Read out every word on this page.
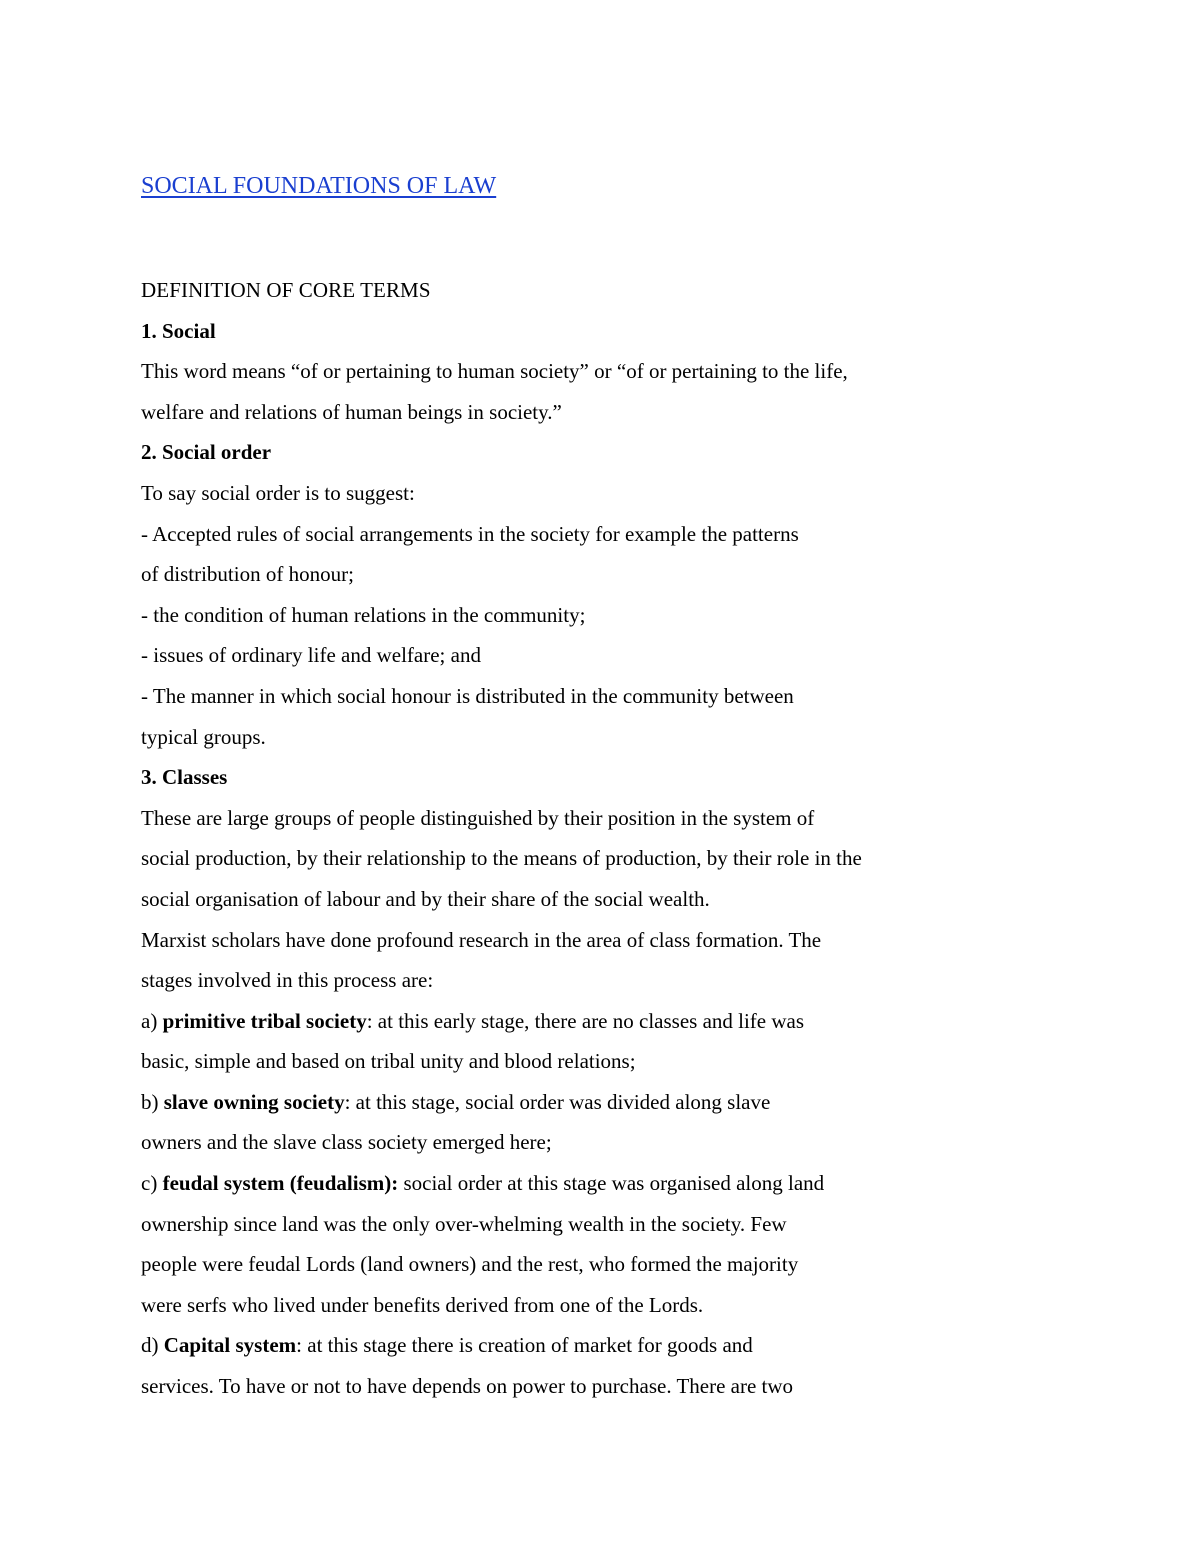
SOCIAL FOUNDATIONS OF LAW
DEFINITION OF CORE TERMS
1. Social
This word means “of or pertaining to human society” or “of or pertaining to the life,
welfare and relations of human beings in society.”
2. Social order
To say social order is to suggest:
- Accepted rules of social arrangements in the society for example the patterns
of distribution of honour;
- the condition of human relations in the community;
- issues of ordinary life and welfare; and
- The manner in which social honour is distributed in the community between
typical groups.
3. Classes
These are large groups of people distinguished by their position in the system of
social production, by their relationship to the means of production, by their role in the
social organisation of labour and by their share of the social wealth.
Marxist scholars have done profound research in the area of class formation. The
stages involved in this process are:
a) primitive tribal society: at this early stage, there are no classes and life was
basic, simple and based on tribal unity and blood relations;
b) slave owning society: at this stage, social order was divided along slave
owners and the slave class society emerged here;
c) feudal system (feudalism): social order at this stage was organised along land
ownership since land was the only over-whelming wealth in the society. Few
people were feudal Lords (land owners) and the rest, who formed the majority
were serfs who lived under benefits derived from one of the Lords.
d) Capital system: at this stage there is creation of market for goods and
services. To have or not to have depends on power to purchase. There are two
